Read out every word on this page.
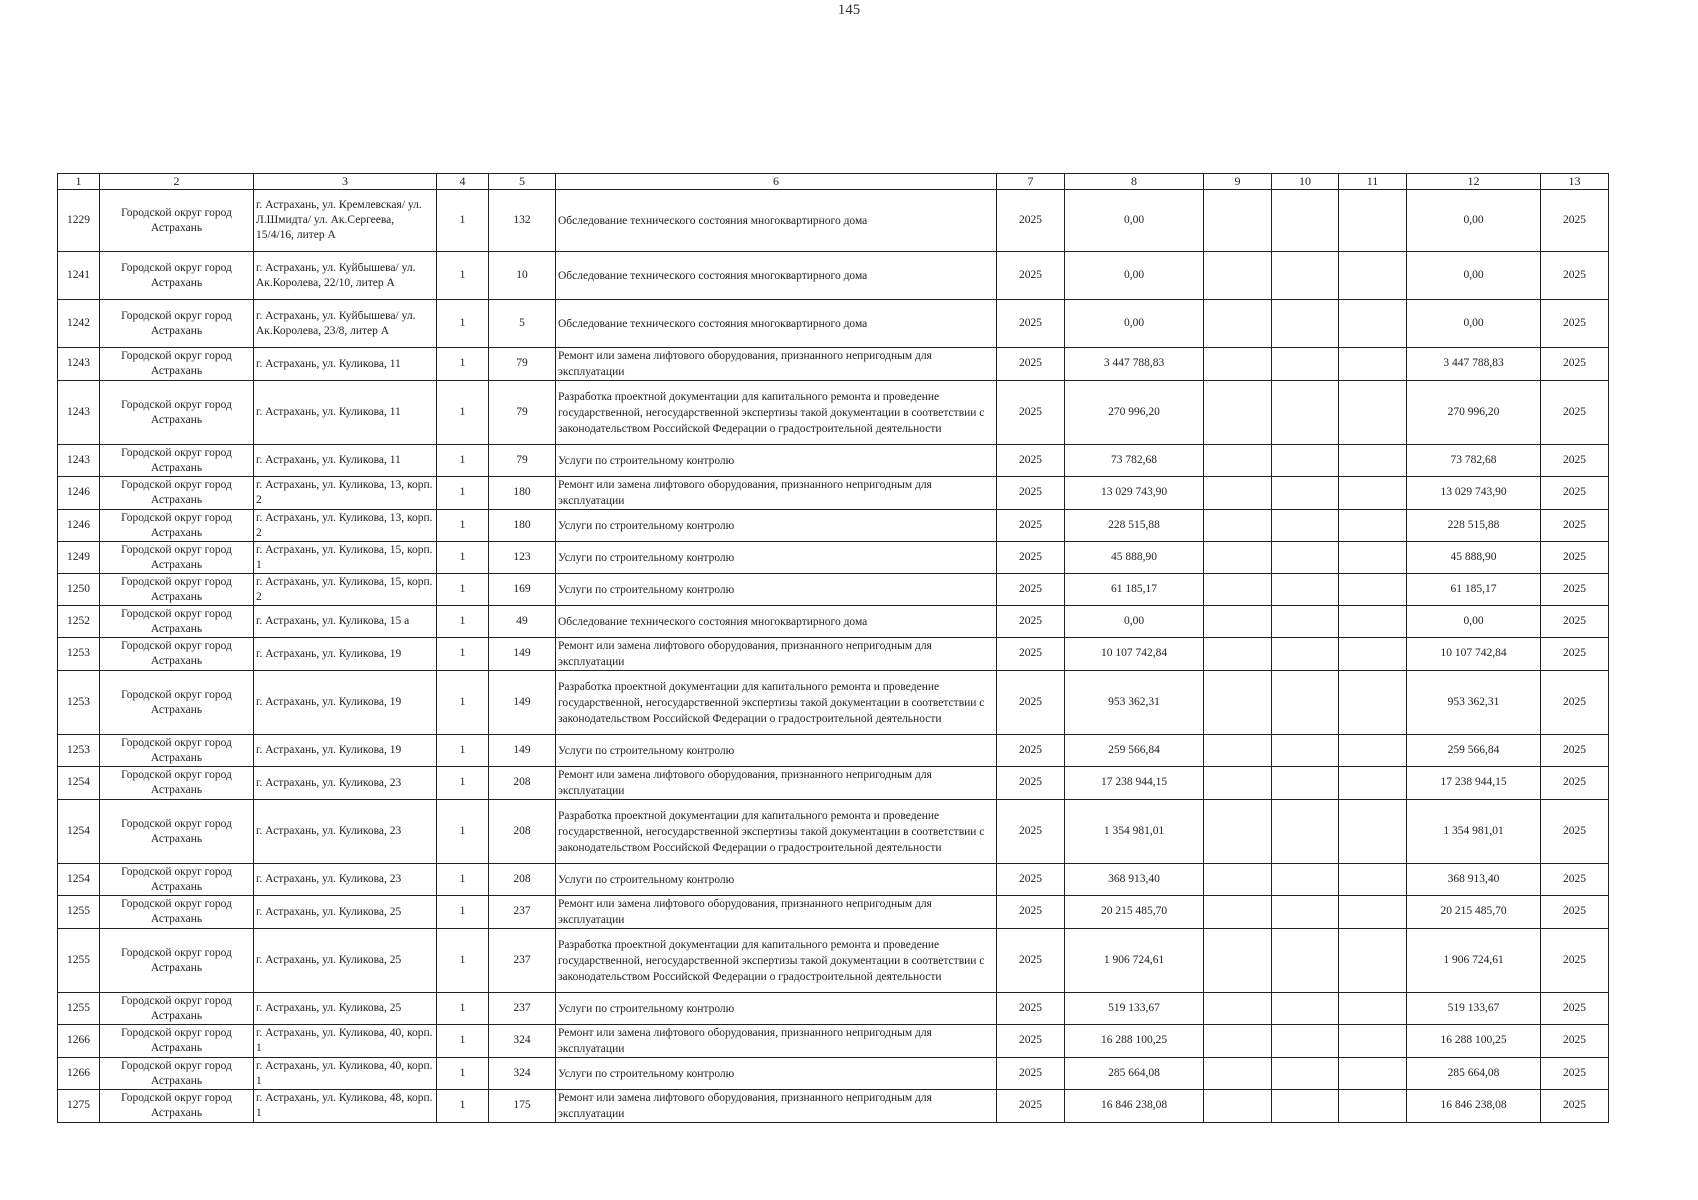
145
1	2	3	4	5	6	7	8	9	10	11	12	13
1229	Городской округ город Астрахань	г. Астрахань, ул. Кремлевская/ ул. Л.Шмидта/ ул. Ак.Сергеева, 15/4/16, литер А	1	132	Обследование технического состояния многоквартирного дома	2025	0,00				0,00	2025
1241	Городской округ город Астрахань	г. Астрахань, ул. Куйбышева/ ул. Ак.Королева, 22/10, литер А	1	10	Обследование технического состояния многоквартирного дома	2025	0,00				0,00	2025
1242	Городской округ город Астрахань	г. Астрахань, ул. Куйбышева/ ул. Ак.Королева, 23/8, литер А	1	5	Обследование технического состояния многоквартирного дома	2025	0,00				0,00	2025
1243	Городской округ город Астрахань	г. Астрахань, ул. Куликова, 11	1	79	Ремонт или замена лифтового оборудования, признанного непригодным для эксплуатации	2025	3 447 788,83				3 447 788,83	2025
1243	Городской округ город Астрахань	г. Астрахань, ул. Куликова, 11	1	79	Разработка проектной документации для капитального ремонта и проведение государственной, негосударственной экспертизы такой документации в соответствии с законодательством Российской Федерации о градостроительной деятельности	2025	270 996,20				270 996,20	2025
1243	Городской округ город Астрахань	г. Астрахань, ул. Куликова, 11	1	79	Услуги по строительному контролю	2025	73 782,68				73 782,68	2025
1246	Городской округ город Астрахань	г. Астрахань, ул. Куликова, 13, корп. 2	1	180	Ремонт или замена лифтового оборудования, признанного непригодным для эксплуатации	2025	13 029 743,90				13 029 743,90	2025
1246	Городской округ город Астрахань	г. Астрахань, ул. Куликова, 13, корп. 2	1	180	Услуги по строительному контролю	2025	228 515,88				228 515,88	2025
1249	Городской округ город Астрахань	г. Астрахань, ул. Куликова, 15, корп. 1	1	123	Услуги по строительному контролю	2025	45 888,90				45 888,90	2025
1250	Городской округ город Астрахань	г. Астрахань, ул. Куликова, 15, корп. 2	1	169	Услуги по строительному контролю	2025	61 185,17				61 185,17	2025
1252	Городской округ город Астрахань	г. Астрахань, ул. Куликова, 15 а	1	49	Обследование технического состояния многоквартирного дома	2025	0,00				0,00	2025
1253	Городской округ город Астрахань	г. Астрахань, ул. Куликова, 19	1	149	Ремонт или замена лифтового оборудования, признанного непригодным для эксплуатации	2025	10 107 742,84				10 107 742,84	2025
1253	Городской округ город Астрахань	г. Астрахань, ул. Куликова, 19	1	149	Разработка проектной документации для капитального ремонта и проведение государственной, негосударственной экспертизы такой документации в соответствии с законодательством Российской Федерации о градостроительной деятельности	2025	953 362,31				953 362,31	2025
1253	Городской округ город Астрахань	г. Астрахань, ул. Куликова, 19	1	149	Услуги по строительному контролю	2025	259 566,84				259 566,84	2025
1254	Городской округ город Астрахань	г. Астрахань, ул. Куликова, 23	1	208	Ремонт или замена лифтового оборудования, признанного непригодным для эксплуатации	2025	17 238 944,15				17 238 944,15	2025
1254	Городской округ город Астрахань	г. Астрахань, ул. Куликова, 23	1	208	Разработка проектной документации для капитального ремонта и проведение государственной, негосударственной экспертизы такой документации в соответствии с законодательством Российской Федерации о градостроительной деятельности	2025	1 354 981,01				1 354 981,01	2025
1254	Городской округ город Астрахань	г. Астрахань, ул. Куликова, 23	1	208	Услуги по строительному контролю	2025	368 913,40				368 913,40	2025
1255	Городской округ город Астрахань	г. Астрахань, ул. Куликова, 25	1	237	Ремонт или замена лифтового оборудования, признанного непригодным для эксплуатации	2025	20 215 485,70				20 215 485,70	2025
1255	Городской округ город Астрахань	г. Астрахань, ул. Куликова, 25	1	237	Разработка проектной документации для капитального ремонта и проведение государственной, негосударственной экспертизы такой документации в соответствии с законодательством Российской Федерации о градостроительной деятельности	2025	1 906 724,61				1 906 724,61	2025
1255	Городской округ город Астрахань	г. Астрахань, ул. Куликова, 25	1	237	Услуги по строительному контролю	2025	519 133,67				519 133,67	2025
1266	Городской округ город Астрахань	г. Астрахань, ул. Куликова, 40, корп. 1	1	324	Ремонт или замена лифтового оборудования, признанного непригодным для эксплуатации	2025	16 288 100,25				16 288 100,25	2025
1266	Городской округ город Астрахань	г. Астрахань, ул. Куликова, 40, корп. 1	1	324	Услуги по строительному контролю	2025	285 664,08				285 664,08	2025
1275	Городской округ город Астрахань	г. Астрахань, ул. Куликова, 48, корп. 1	1	175	Ремонт или замена лифтового оборудования, признанного непригодным для эксплуатации	2025	16 846 238,08				16 846 238,08	2025
